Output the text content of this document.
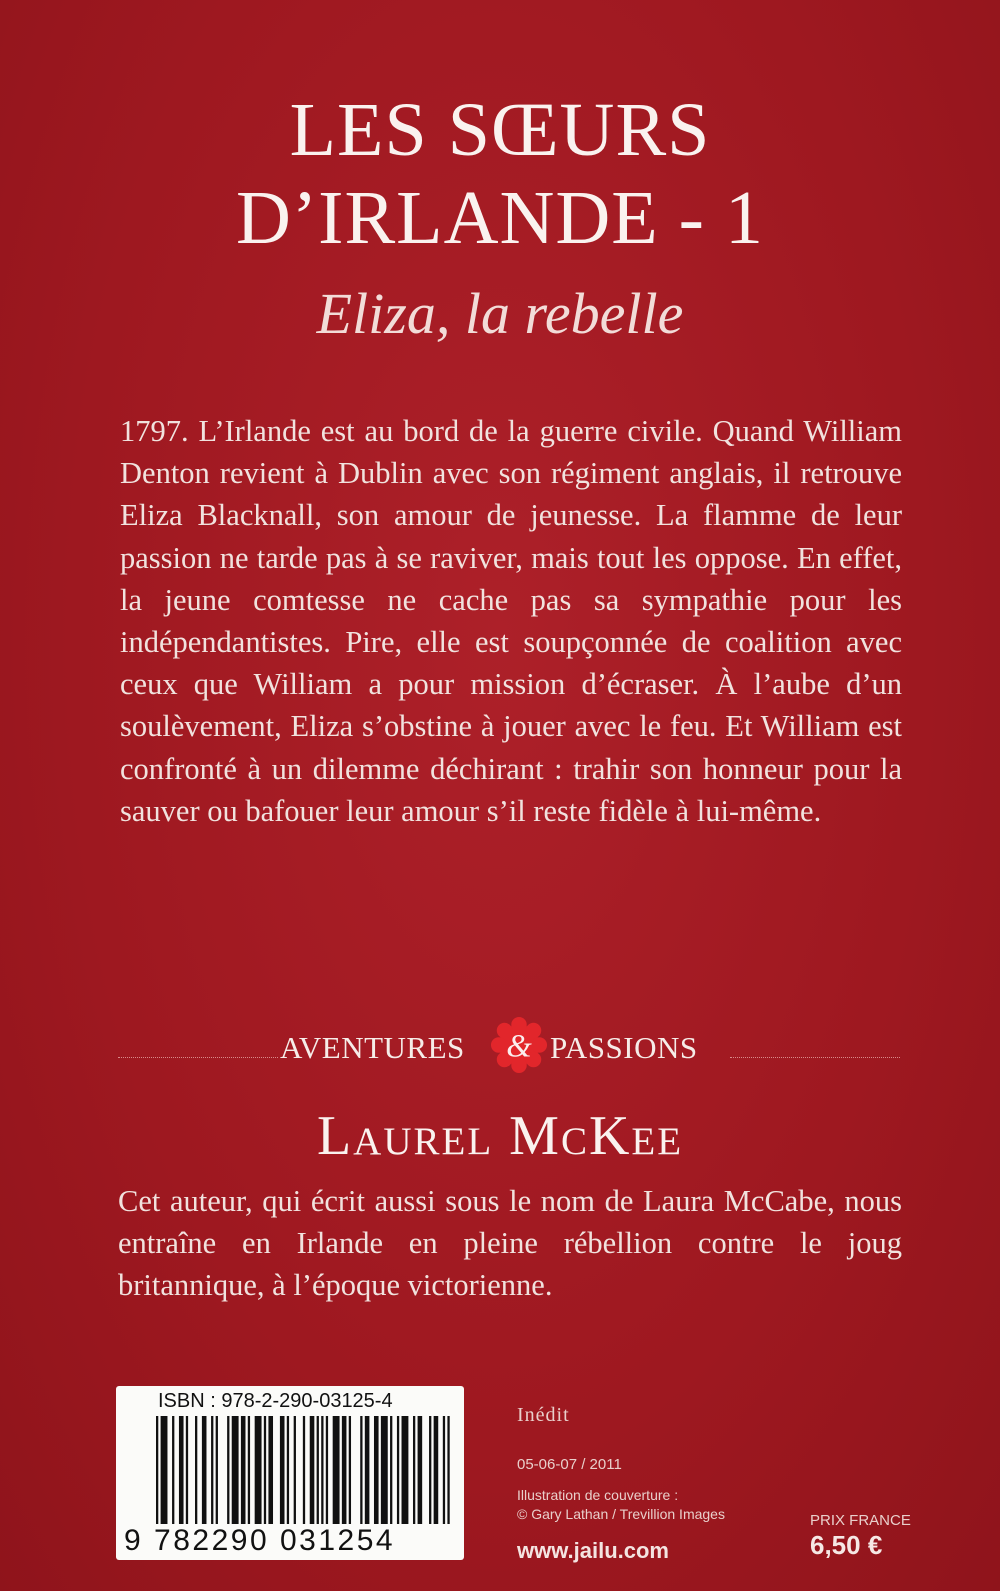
LES SŒURS
D’IRLANDE - 1
Eliza, la rebelle
1797. L’Irlande est au bord de la guerre civile. Quand William Denton revient à Dublin avec son régiment anglais, il retrouve Eliza Blacknall, son amour de jeunesse. La flamme de leur passion ne tarde pas à se raviver, mais tout les oppose. En effet, la jeune comtesse ne cache pas sa sympathie pour les indépendantistes. Pire, elle est soupçonnée de coalition avec ceux que William a pour mission d’écraser. À l’aube d’un soulèvement, Eliza s’obstine à jouer avec le feu. Et William est confronté à un dilemme déchirant : trahir son honneur pour la sauver ou bafouer leur amour s’il reste fidèle à lui-même.
AVENTURES & PASSIONS
Laurel McKee
Cet auteur, qui écrit aussi sous le nom de Laura McCabe, nous entraîne en Irlande en pleine rébellion contre le joug britannique, à l’époque victorienne.
ISBN : 978-2-290-03125-4
9 782290 031254
Inédit
05-06-07 / 2011
Illustration de couverture :
© Gary Lathan / Trevillion Images
www.jailu.com
PRIX FRANCE
6,50 €
